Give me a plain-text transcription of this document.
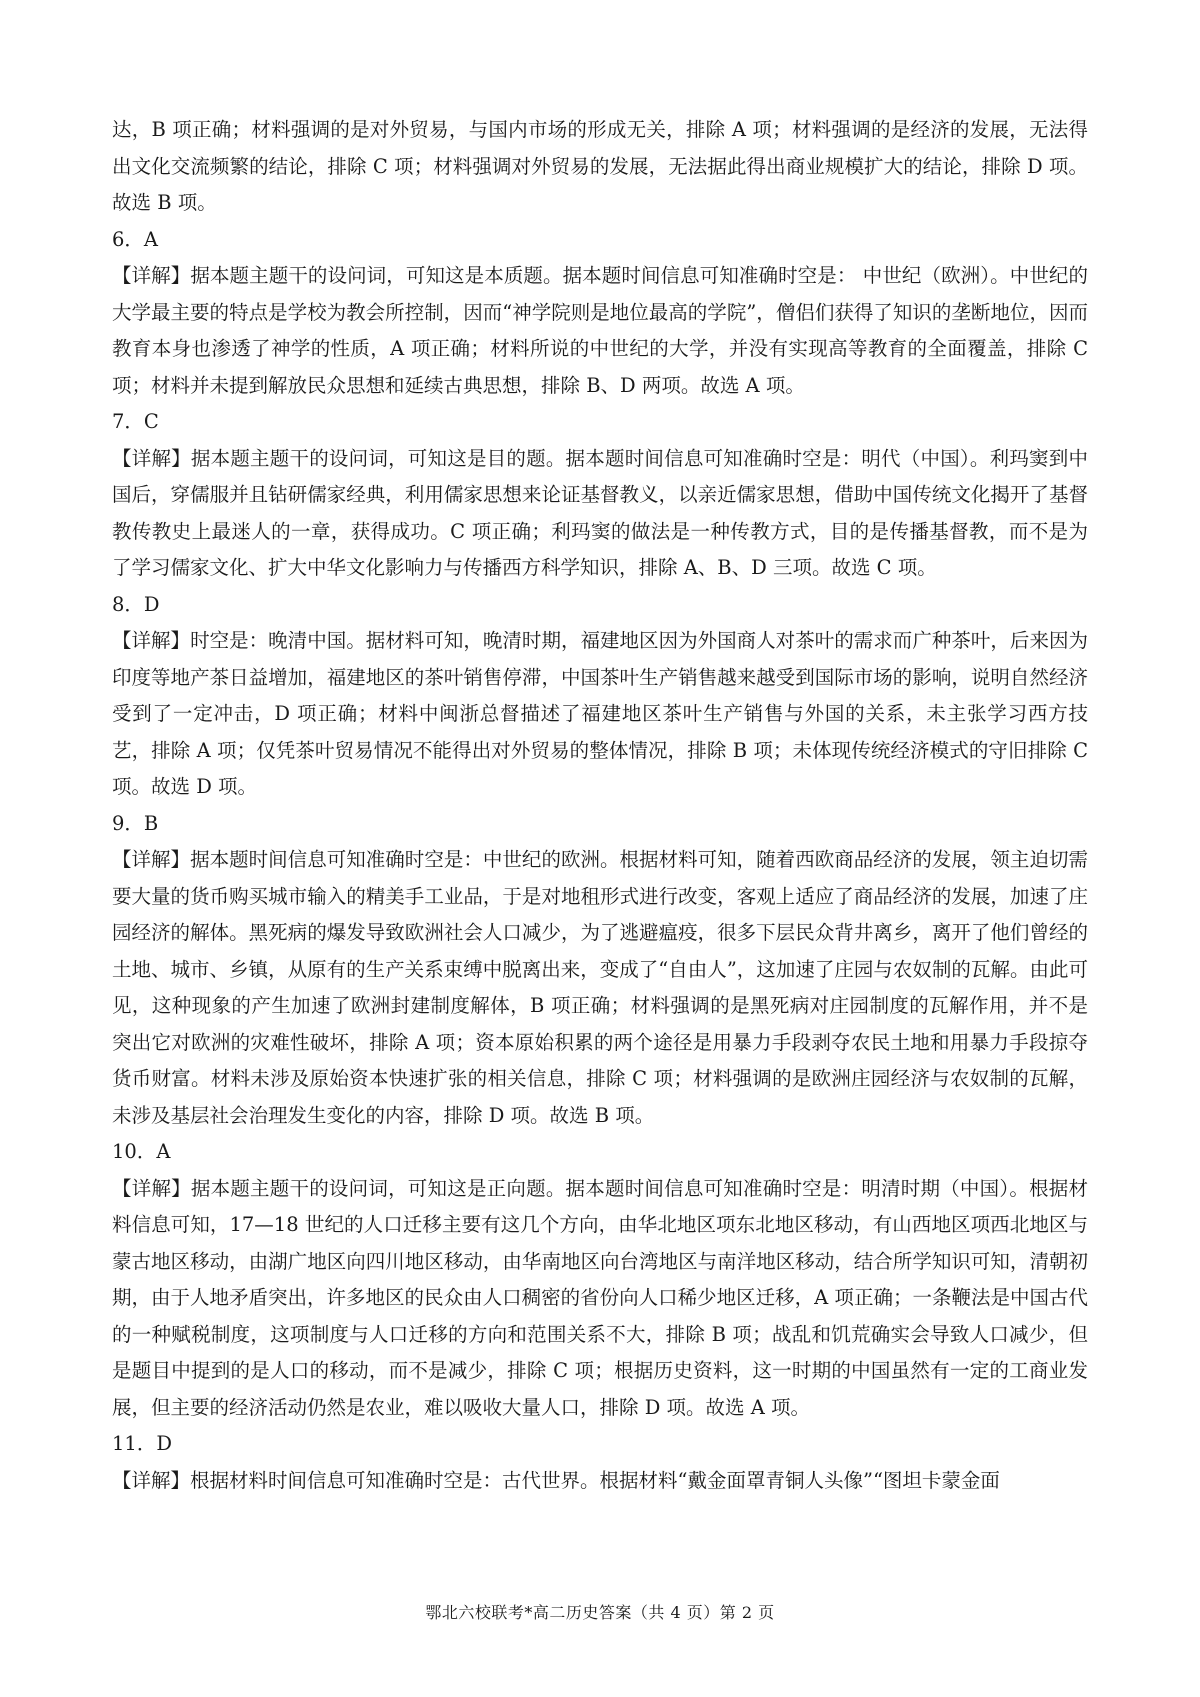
达，B 项正确；材料强调的是对外贸易，与国内市场的形成无关，排除 A 项；材料强调的是经济的发展，无法得出文化交流频繁的结论，排除 C 项；材料强调对外贸易的发展，无法据此得出商业规模扩大的结论，排除 D 项。故选 B 项。

6．A

【详解】据本题主题干的设问词，可知这是本质题。据本题时间信息可知准确时空是： 中世纪（欧洲）。中世纪的大学最主要的特点是学校为教会所控制，因而“神学院则是地位最高的学院”，僧侣们获得了知识的垄断地位，因而教育本身也渗透了神学的性质，A 项正确；材料所说的中世纪的大学，并没有实现高等教育的全面覆盖，排除 C 项；材料并未提到解放民众思想和延续古典思想，排除 B、D 两项。故选 A 项。

7．C

【详解】据本题主题干的设问词，可知这是目的题。据本题时间信息可知准确时空是：明代（中国）。利玛窦到中国后，穿儒服并且钻研儒家经典，利用儒家思想来论证基督教义，以亲近儒家思想，借助中国传统文化揭开了基督教传教史上最迷人的一章，获得成功。C 项正确；利玛窦的做法是一种传教方式，目的是传播基督教，而不是为了学习儒家文化、扩大中华文化影响力与传播西方科学知识，排除 A、B、D 三项。故选 C 项。

8．D

【详解】时空是：晚清中国。据材料可知，晚清时期，福建地区因为外国商人对茶叶的需求而广种茶叶，后来因为印度等地产茶日益增加，福建地区的茶叶销售停滞，中国茶叶生产销售越来越受到国际市场的影响，说明自然经济受到了一定冲击，D 项正确；材料中闽浙总督描述了福建地区茶叶生产销售与外国的关系，未主张学习西方技艺，排除 A 项；仅凭茶叶贸易情况不能得出对外贸易的整体情况，排除 B 项；未体现传统经济模式的守旧排除 C 项。故选 D 项。

9．B

【详解】据本题时间信息可知准确时空是：中世纪的欧洲。根据材料可知，随着西欧商品经济的发展，领主迫切需要大量的货币购买城市输入的精美手工业品，于是对地租形式进行改变，客观上适应了商品经济的发展，加速了庄园经济的解体。黑死病的爆发导致欧洲社会人口减少，为了逃避瘟疫，很多下层民众背井离乡，离开了他们曾经的土地、城市、乡镇，从原有的生产关系束缚中脱离出来，变成了“自由人”，这加速了庄园与农奴制的瓦解。由此可见，这种现象的产生加速了欧洲封建制度解体，B 项正确；材料强调的是黑死病对庄园制度的瓦解作用，并不是突出它对欧洲的灾难性破坏，排除 A 项；资本原始积累的两个途径是用暴力手段剥夺农民土地和用暴力手段掠夺货币财富。材料未涉及原始资本快速扩张的相关信息，排除 C 项；材料强调的是欧洲庄园经济与农奴制的瓦解，未涉及基层社会治理发生变化的内容，排除 D 项。故选 B 项。

10．A

【详解】据本题主题干的设问词，可知这是正向题。据本题时间信息可知准确时空是：明清时期（中国）。根据材料信息可知，17—18 世纪的人口迁移主要有这几个方向，由华北地区项东北地区移动，有山西地区项西北地区与蒙古地区移动，由湖广地区向四川地区移动，由华南地区向台湾地区与南洋地区移动，结合所学知识可知，清朝初期，由于人地矛盾突出，许多地区的民众由人口稠密的省份向人口稀少地区迁移，A 项正确；一条鞭法是中国古代的一种赋税制度，这项制度与人口迁移的方向和范围关系不大，排除 B 项；战乱和饥荒确实会导致人口减少，但是题目中提到的是人口的移动，而不是减少，排除 C 项；根据历史资料，这一时期的中国虽然有一定的工商业发展，但主要的经济活动仍然是农业，难以吸收大量人口，排除 D 项。故选 A 项。

11．D

【详解】根据材料时间信息可知准确时空是：古代世界。根据材料“戴金面罩青铜人头像”“图坦卡蒙金面

鄂北六校联考*高二历史答案（共 4 页）第 2 页
